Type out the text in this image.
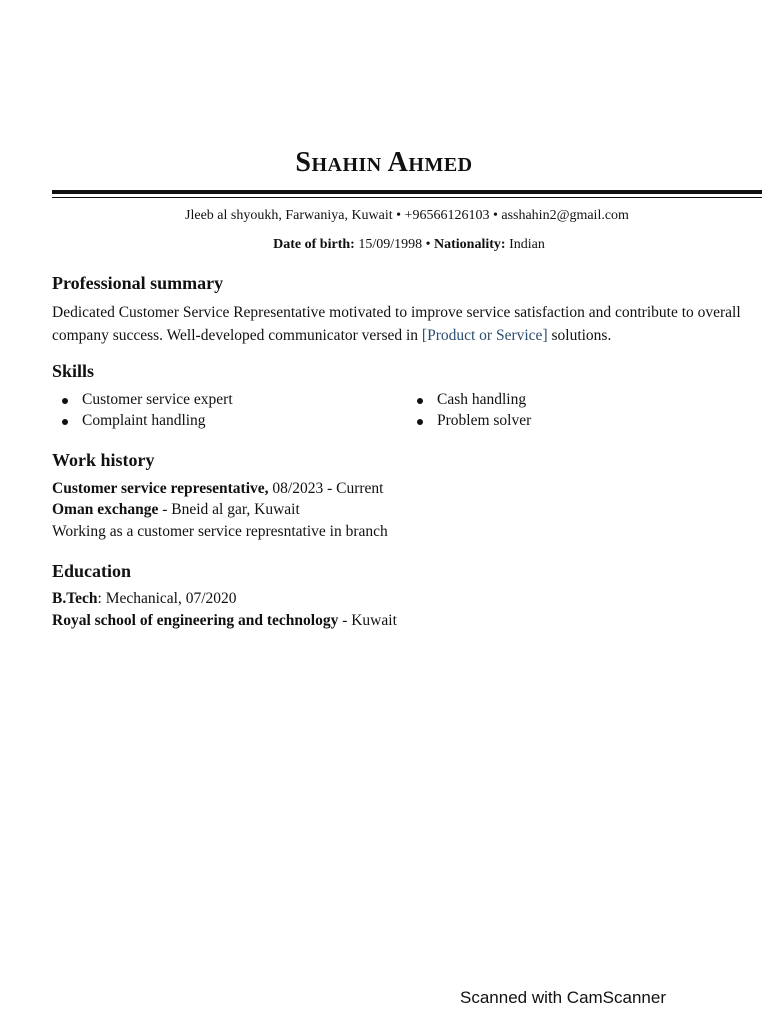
Shahin Ahmed
Jleeb al shyoukh, Farwaniya, Kuwait • +96566126103 • asshahin2@gmail.com
Date of birth: 15/09/1998 • Nationality: Indian
Professional summary
Dedicated Customer Service Representative motivated to improve service satisfaction and contribute to overall company success. Well-developed communicator versed in [Product or Service] solutions.
Skills
Customer service expert
Complaint handling
Cash handling
Problem solver
Work history
Customer service representative, 08/2023 - Current
Oman exchange - Bneid al gar, Kuwait
Working as a customer service represntative in branch
Education
B.Tech: Mechanical, 07/2020
Royal school of engineering and technology - Kuwait
Scanned with CamScanner
